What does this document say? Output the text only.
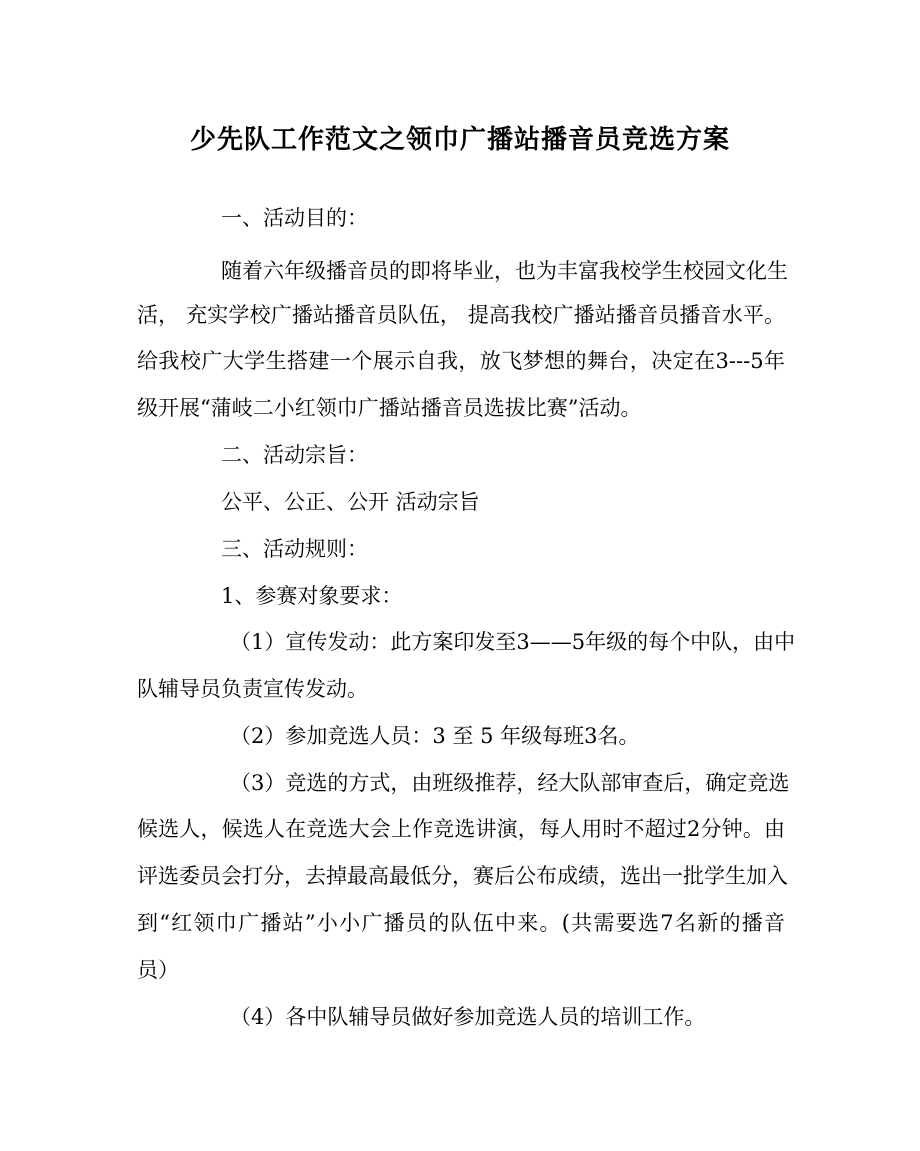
少先队工作范文之领巾广播站播音员竞选方案
一、活动目的：
随着六年级播音员的即将毕业，也为丰富我校学生校园文化生
活， 充实学校广播站播音员队伍， 提高我校广播站播音员播音水平。
给我校广大学生搭建一个展示自我，放飞梦想的舞台，决定在3---5年
级开展“蒲岐二小红领巾广播站播音员选拔比赛”活动。
二、活动宗旨：
公平、公正、公开 活动宗旨
三、活动规则：
1、参赛对象要求：
（1）宣传发动：此方案印发至3——5年级的每个中队，由中
队辅导员负责宣传发动。
（2）参加竞选人员：3 至 5 年级每班3名。
（3）竞选的方式，由班级推荐，经大队部审查后，确定竞选
候选人，候选人在竞选大会上作竞选讲演，每人用时不超过2分钟。由
评选委员会打分，去掉最高最低分，赛后公布成绩，选出一批学生加入
到“红领巾广播站”小小广播员的队伍中来。(共需要选7名新的播音
员）
（4）各中队辅导员做好参加竞选人员的培训工作。
